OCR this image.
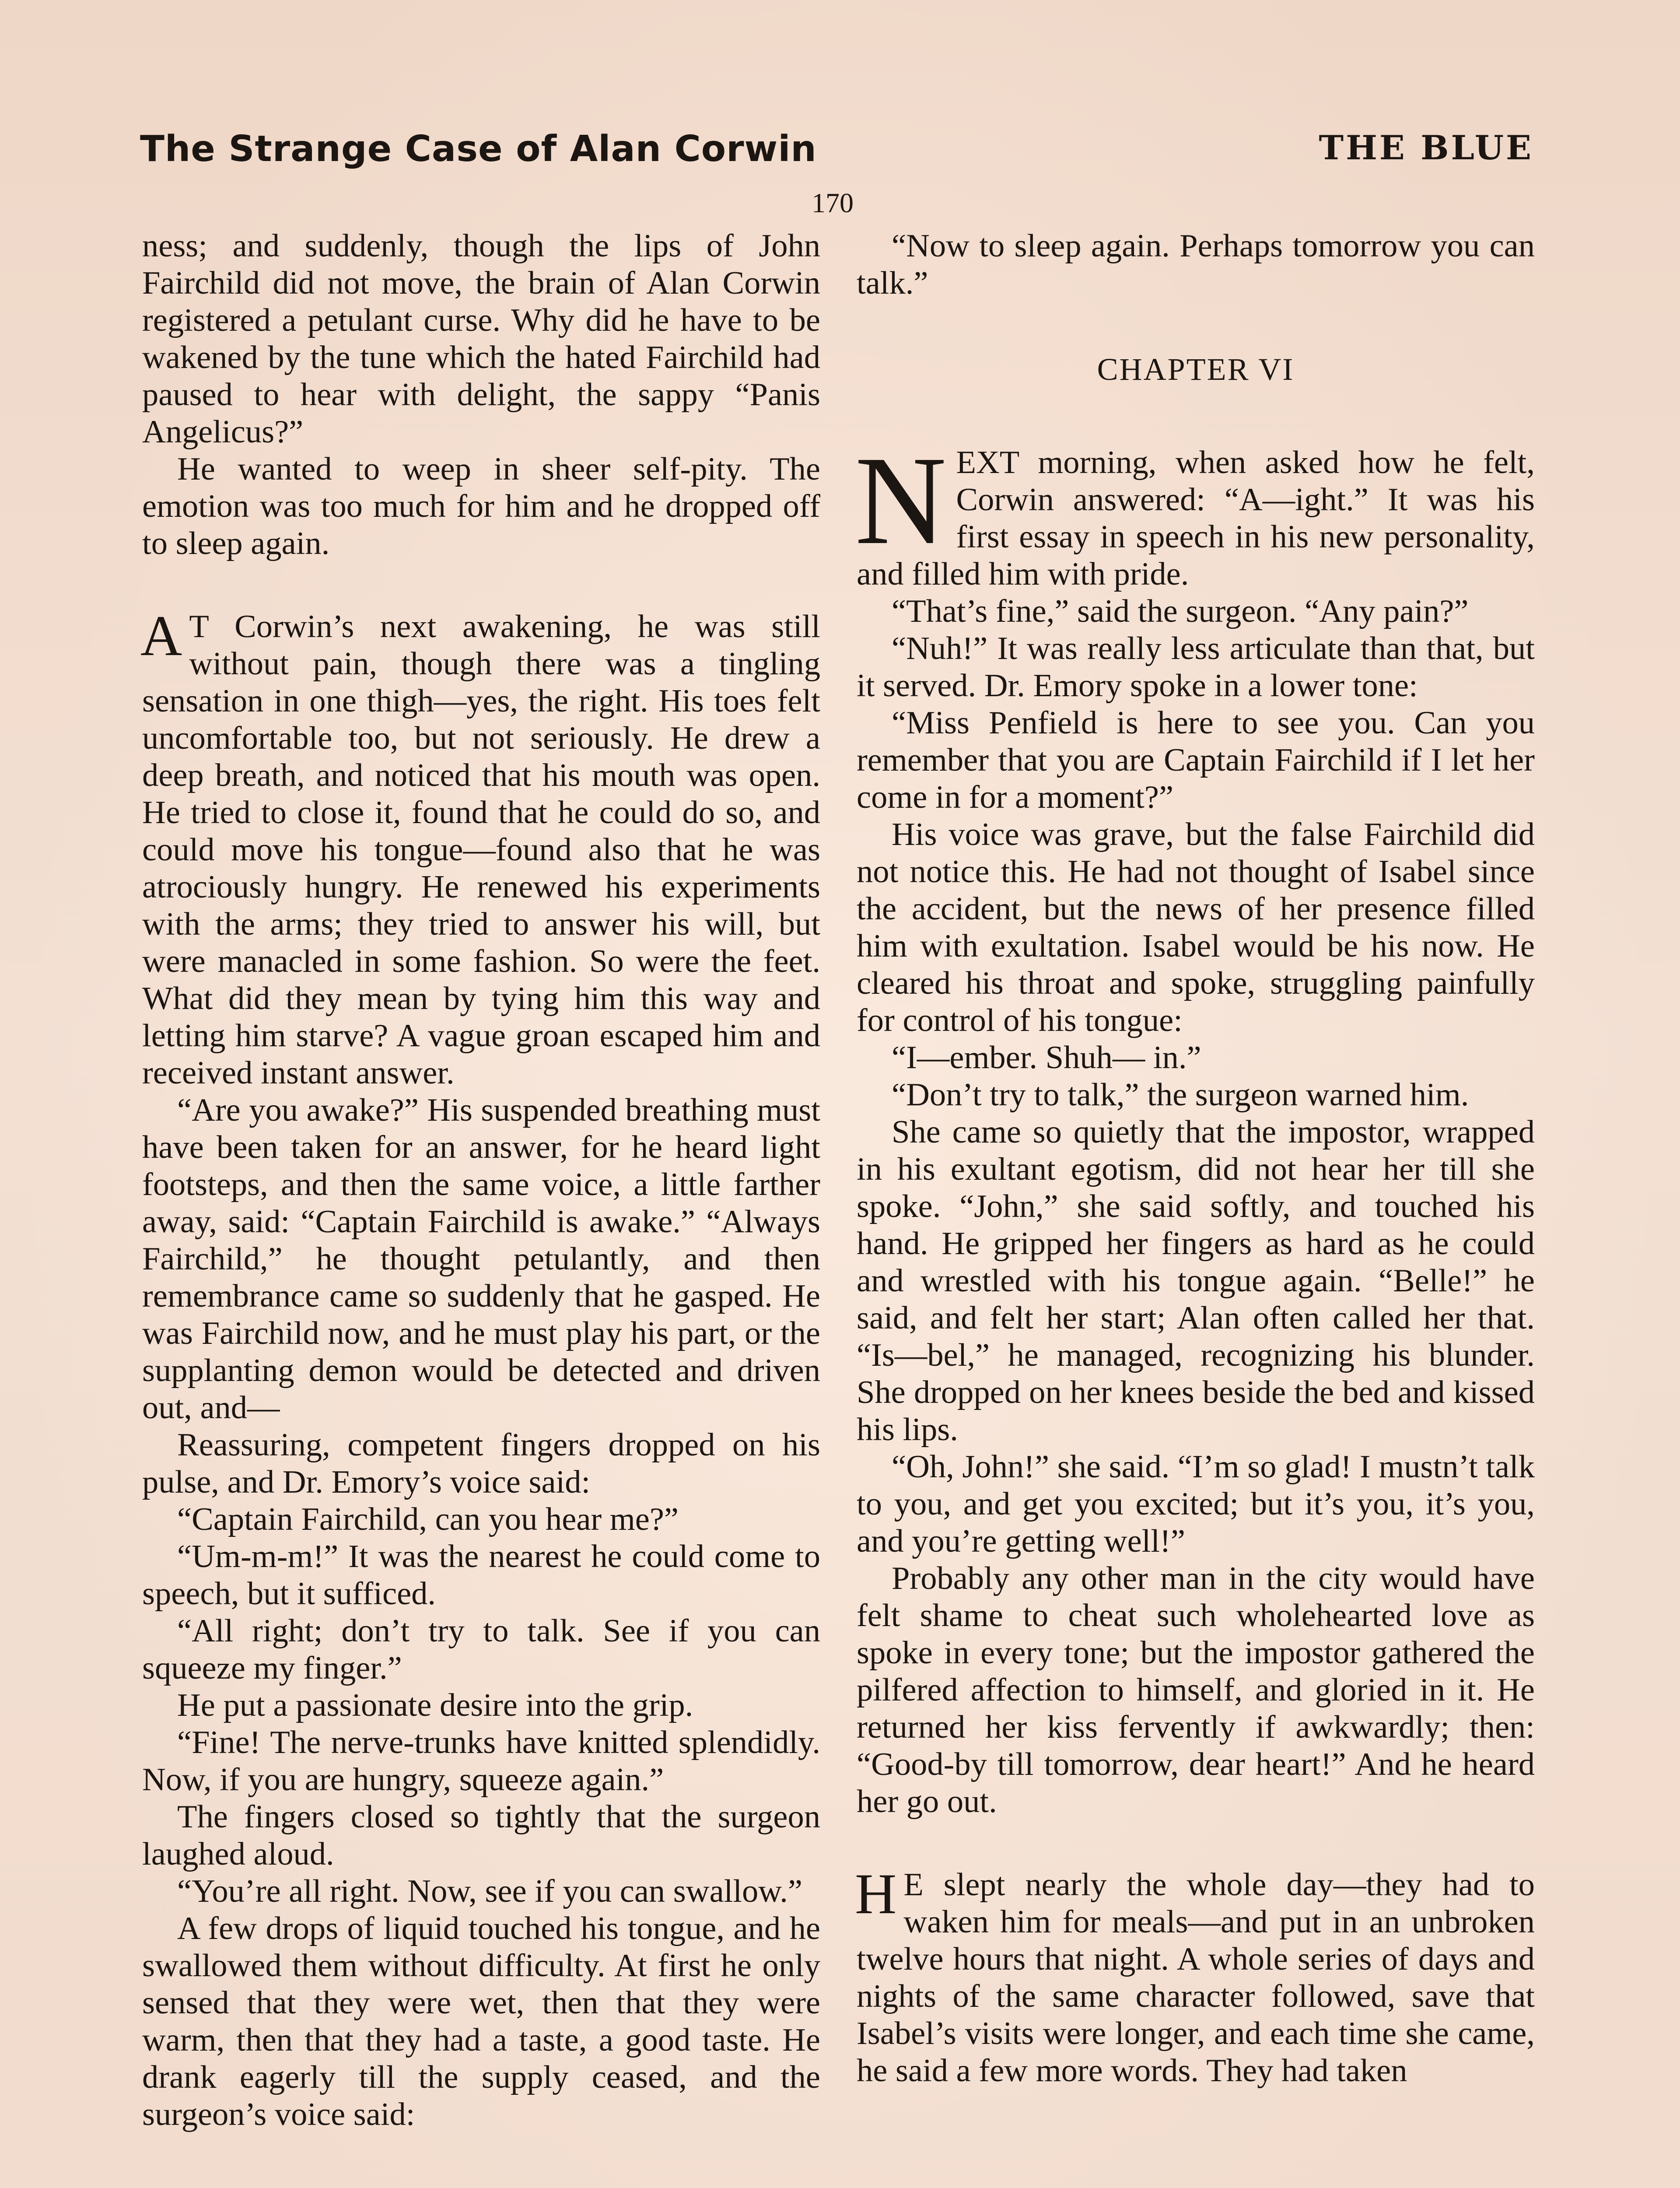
The Strange Case of Alan Corwin	THE BLUE
170

ness; and suddenly, though the lips of John Fairchild did not move, the brain of Alan Corwin registered a petulant curse. Why did he have to be wakened by the tune which the hated Fairchild had paused to hear with delight, the sappy “Panis Angelicus?”

He wanted to weep in sheer self-pity. The emotion was too much for him and he dropped off to sleep again.

A T Corwin’s next awakening, he was still without pain, though there was a tingling sensation in one thigh—yes, the right. His toes felt uncomfortable too, but not seriously. He drew a deep breath, and noticed that his mouth was open. He tried to close it, found that he could do so, and could move his tongue—found also that he was atrociously hungry. He renewed his experiments with the arms; they tried to answer his will, but were manacled in some fashion. So were the feet. What did they mean by tying him this way and letting him starve? A vague groan escaped him and received instant answer.

“Are you awake?” His suspended breathing must have been taken for an answer, for he heard light footsteps, and then the same voice, a little farther away, said: “Captain Fairchild is awake.” “Always Fairchild,” he thought petulantly, and then remembrance came so suddenly that he gasped. He was Fairchild now, and he must play his part, or the supplanting demon would be detected and driven out, and—

Reassuring, competent fingers dropped on his pulse, and Dr. Emory’s voice said:

“Captain Fairchild, can you hear me?”

“Um-m-m!” It was the nearest he could come to speech, but it sufficed.

“All right; don’t try to talk. See if you can squeeze my finger.”

He put a passionate desire into the grip.

“Fine! The nerve-trunks have knitted splendidly. Now, if you are hungry, squeeze again.”

The fingers closed so tightly that the surgeon laughed aloud.

“You’re all right. Now, see if you can swallow.”

A few drops of liquid touched his tongue, and he swallowed them without difficulty. At first he only sensed that they were wet, then that they were warm, then that they had a taste, a good taste. He drank eagerly till the supply ceased, and the surgeon’s voice said:

“Now to sleep again. Perhaps tomorrow you can talk.”

CHAPTER VI

NEXT morning, when asked how he felt, Corwin answered: “A—ight.” It was his first essay in speech in his new personality, and filled him with pride.

“That’s fine,” said the surgeon. “Any pain?”

“Nuh!” It was really less articulate than that, but it served. Dr. Emory spoke in a lower tone:

“Miss Penfield is here to see you. Can you remember that you are Captain Fairchild if I let her come in for a moment?”

His voice was grave, but the false Fairchild did not notice this. He had not thought of Isabel since the accident, but the news of her presence filled him with exultation. Isabel would be his now. He cleared his throat and spoke, struggling painfully for control of his tongue:

“I—ember. Shuh— in.”

“Don’t try to talk,” the surgeon warned him.

She came so quietly that the impostor, wrapped in his exultant egotism, did not hear her till she spoke. “John,” she said softly, and touched his hand. He gripped her fingers as hard as he could and wrestled with his tongue again. “Belle!” he said, and felt her start; Alan often called her that. “Is—bel,” he managed, recognizing his blunder. She dropped on her knees beside the bed and kissed his lips.

“Oh, John!” she said. “I’m so glad! I mustn’t talk to you, and get you excited; but it’s you, it’s you, and you’re getting well!”

Probably any other man in the city would have felt shame to cheat such wholehearted love as spoke in every tone; but the impostor gathered the pilfered affection to himself, and gloried in it. He returned her kiss fervently if awkwardly; then: “Good-by till tomorrow, dear heart!” And he heard her go out.

H E slept nearly the whole day—they had to waken him for meals—and put in an unbroken twelve hours that night. A whole series of days and nights of the same character followed, save that Isabel’s visits were longer, and each time she came, he said a few more words. They had taken
